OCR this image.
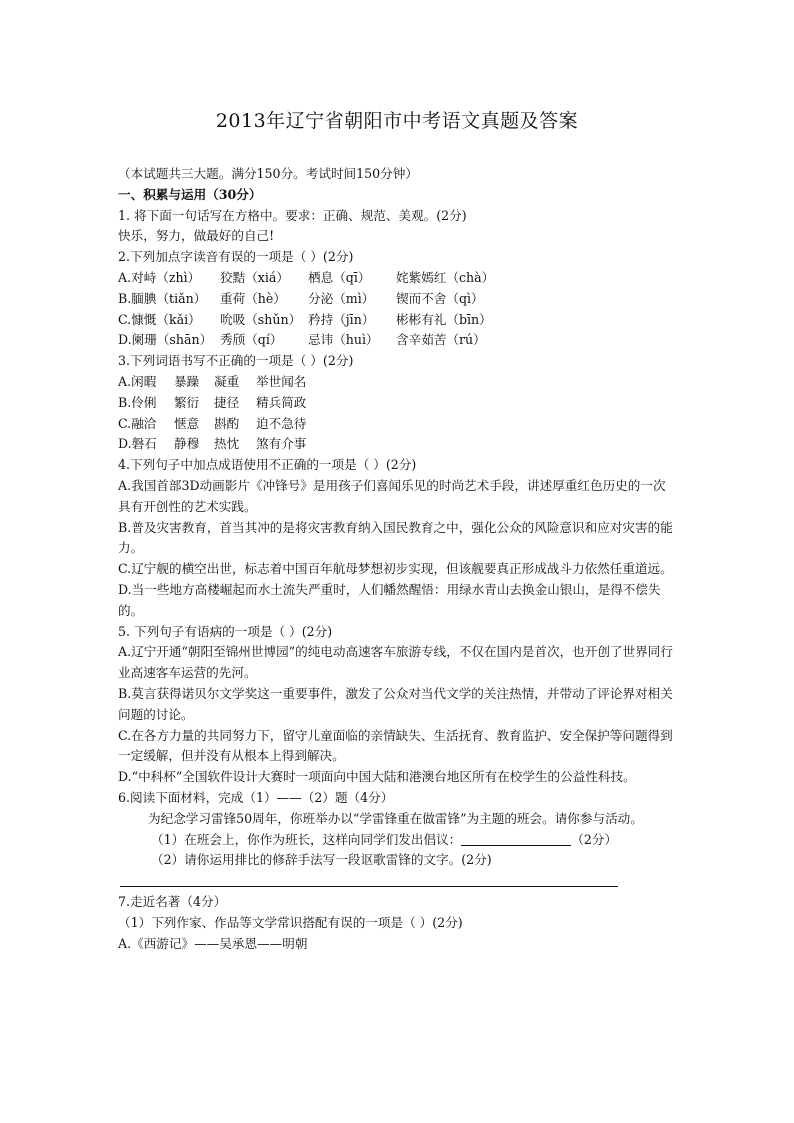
2013年辽宁省朝阳市中考语文真题及答案

（本试题共三大题。满分150分。考试时间150分钟）

一、积累与运用（30分）

1. 将下面一句话写在方格中。要求：正确、规范、美观。(2分)

快乐，努力，做最好的自己!

2.下列加点字读音有误的一项是（ ）(2分)

A.对峙（zhì） 狡黠（xiá） 栖息（qī） 姹紫嫣红（chà）

B.腼腆（tiǎn） 重荷（hè） 分泌（mì） 锲而不舍（qì）

C.慷慨（kǎi） 吮吸（shǔn） 矜持（jīn） 彬彬有礼（bīn）

D.阑珊（shān） 秀颀（qí） 忌讳（huì） 含辛茹苦（rú）

3.下列词语书写不正确的一项是（ ）(2分)

A.闲暇 暴躁 凝重 举世闻名

B.伶俐 繁衍 捷径 精兵简政

C.融洽 惬意 斟酌 迫不急待

D.磐石 静穆 热忱 煞有介事

4.下列句子中加点成语使用不正确的一项是（ ）(2分)

A.我国首部3D动画影片《冲锋号》是用孩子们喜闻乐见的时尚艺术手段，讲述厚重红色历史的一次具有开创性的艺术实践。

B.普及灾害教育，首当其冲的是将灾害教育纳入国民教育之中，强化公众的风险意识和应对灾害的能力。

C.辽宁舰的横空出世，标志着中国百年航母梦想初步实现，但该舰要真正形成战斗力依然任重道远。

D.当一些地方高楼崛起而水土流失严重时，人们幡然醒悟：用绿水青山去换金山银山，是得不偿失的。

5. 下列句子有语病的一项是（ ）(2分)

A.辽宁开通“朝阳至锦州世博园”的纯电动高速客车旅游专线，不仅在国内是首次，也开创了世界同行业高速客车运营的先河。

B.莫言获得诺贝尔文学奖这一重要事件，激发了公众对当代文学的关注热情，并带动了评论界对相关问题的讨论。

C.在各方力量的共同努力下，留守儿童面临的亲情缺失、生活抚育、教育监护、安全保护等问题得到一定缓解，但并没有从根本上得到解决。

D.“中科杯”全国软件设计大赛时一项面向中国大陆和港澳台地区所有在校学生的公益性科技。

6.阅读下面材料，完成（1）——（2）题（4分）

为纪念学习雷锋50周年，你班举办以“学雷锋重在做雷锋”为主题的班会。请你参与活动。

（1）在班会上，你作为班长，这样向同学们发出倡议：	（2分）

（2）请你运用排比的修辞手法写一段讴歌雷锋的文字。(2分)

7.走近名著（4分）

（1）下列作家、作品等文学常识搭配有误的一项是（ ）(2分)

A.《西游记》——吴承恩——明朝
